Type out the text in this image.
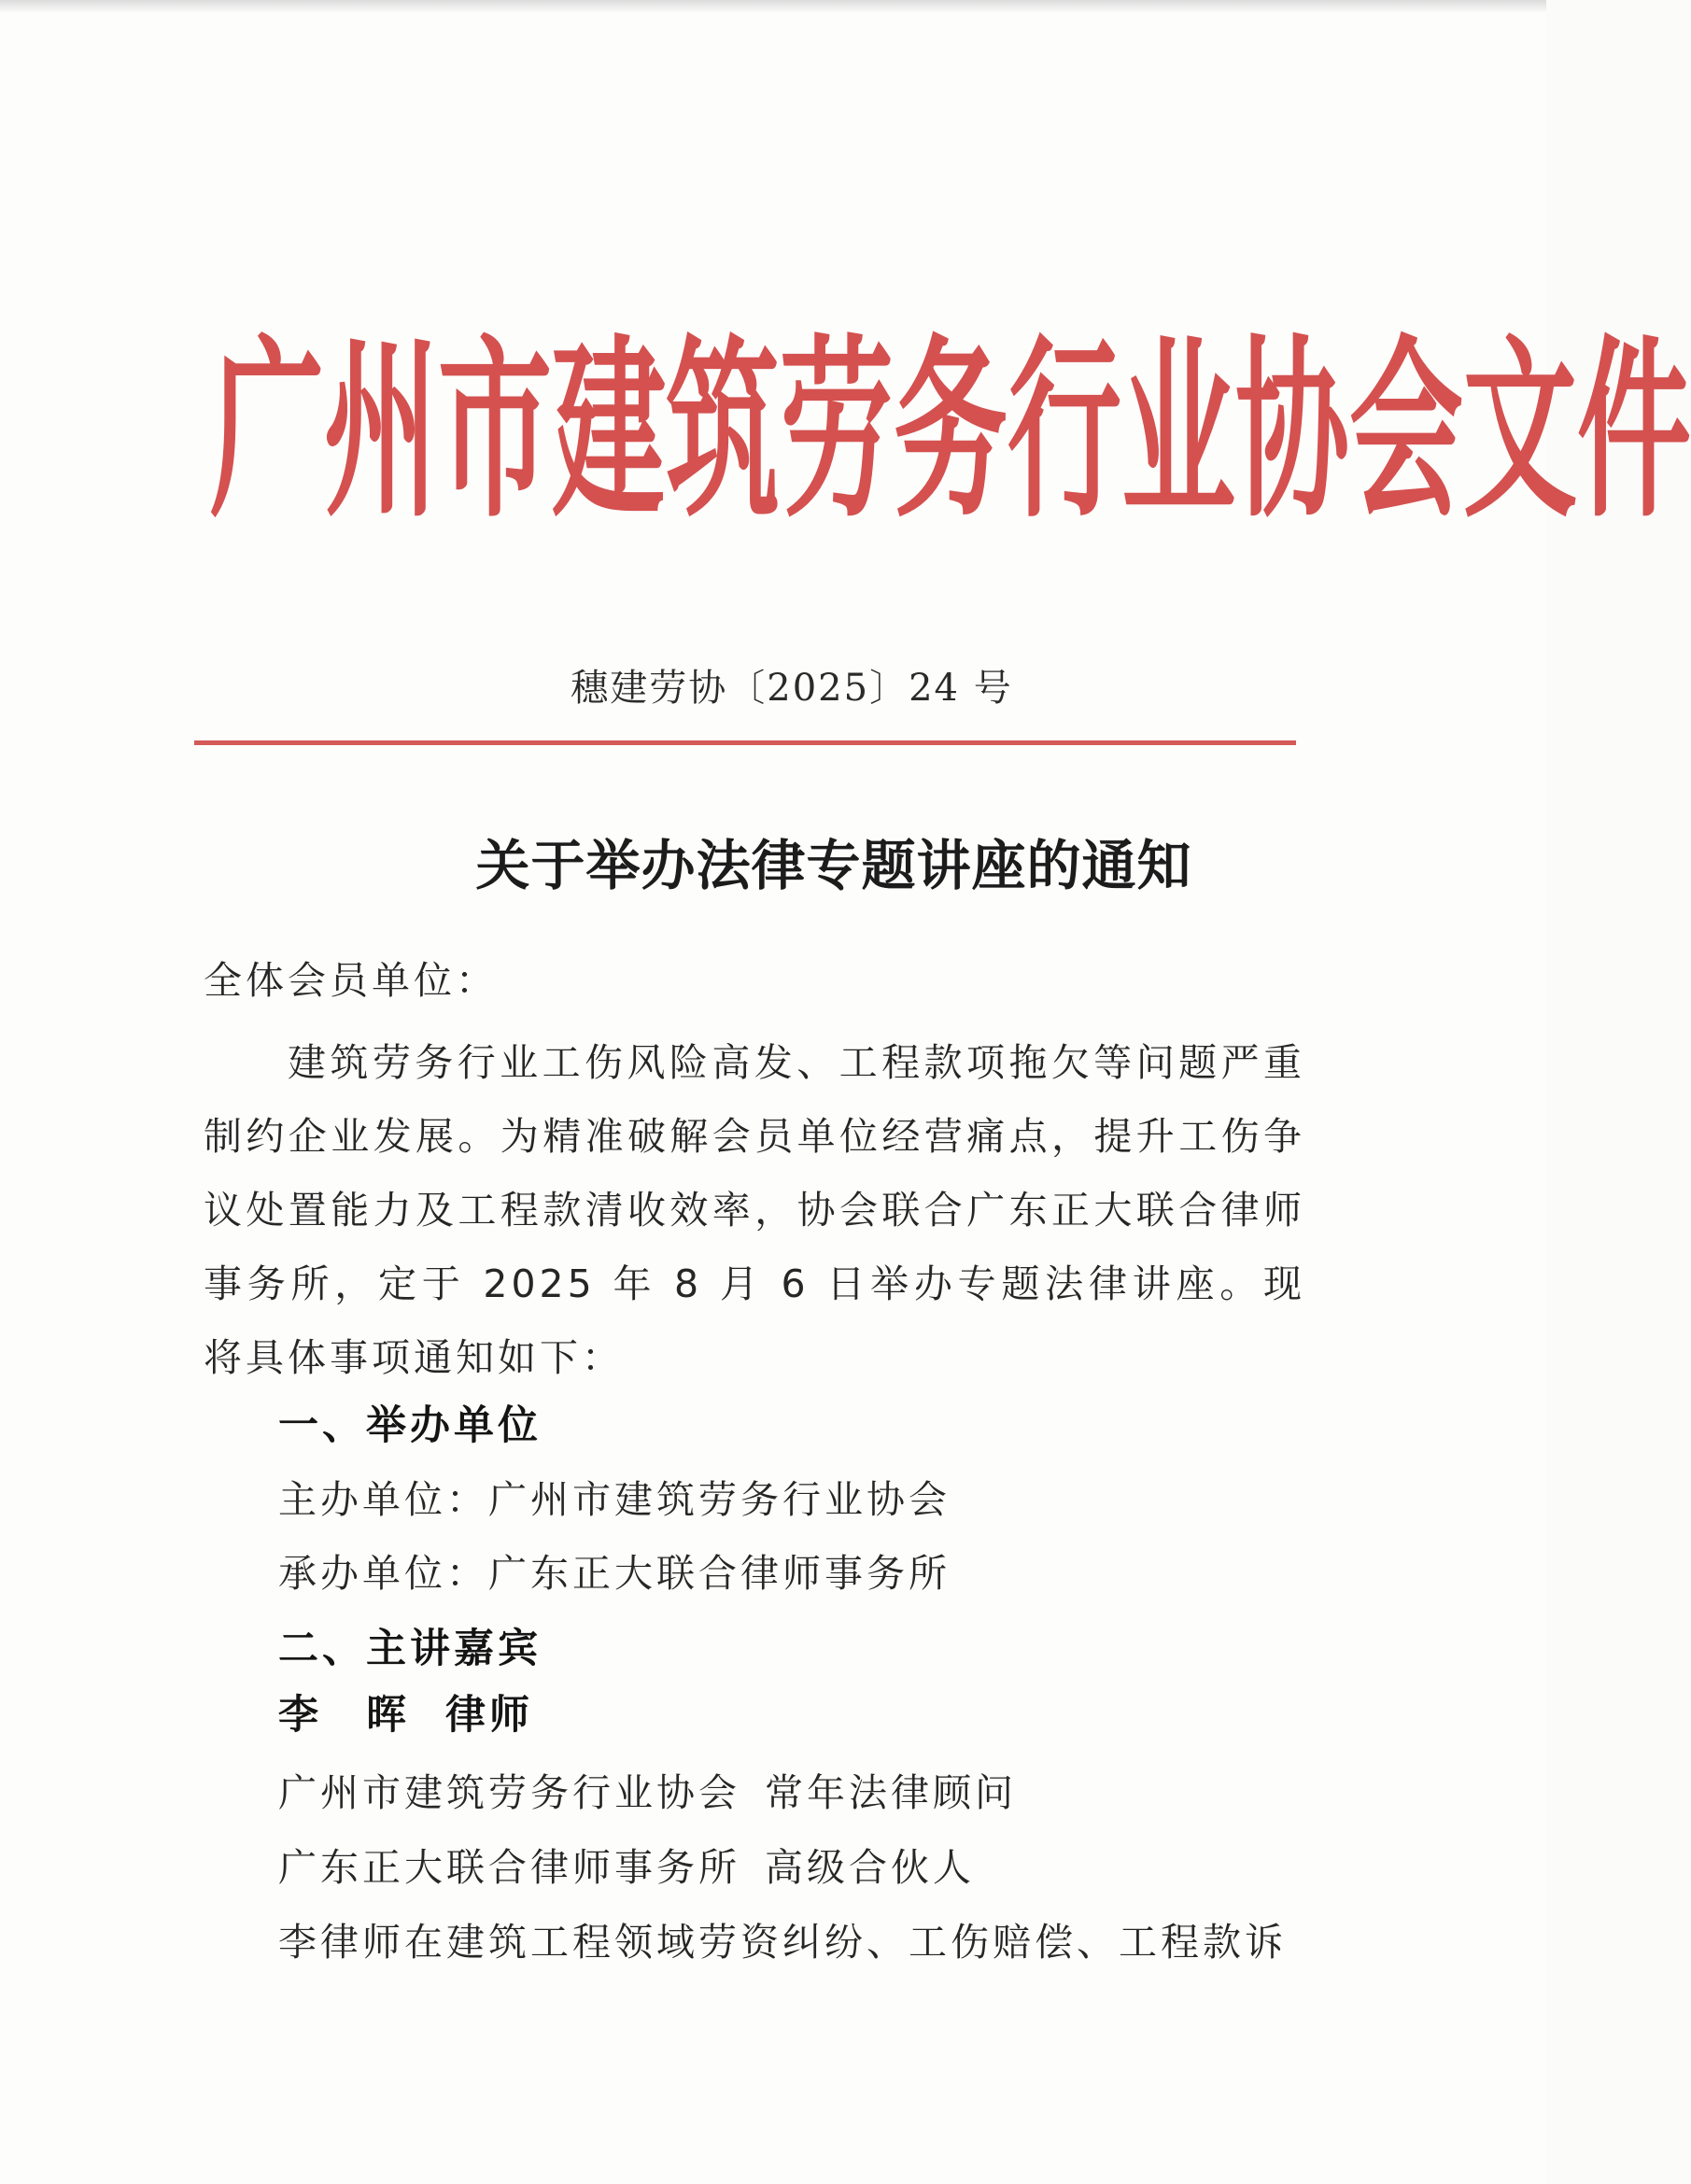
广 州 市 建 筑 劳 务 行 业 协 会 文 件
穗建劳协〔2025〕24 号
关于举办法律专题讲座的通知

全体会员单位：

建筑劳务行业工伤风险高发、工程款项拖欠等问题严重制约企业发展。为精准破解会员单位经营痛点，提升工伤争议处置能力及工程款清收效率，协会联合广东正大联合律师事务所，定于 2025 年 8 月 6 日举办专题法律讲座。现将具体事项通知如下：

一、举办单位

主办单位：广州市建筑劳务行业协会

承办单位：广东正大联合律师事务所

二、主讲嘉宾

李　晖  律师

广州市建筑劳务行业协会 常年法律顾问

广东正大联合律师事务所 高级合伙人

李律师在建筑工程领域劳资纠纷、工伤赔偿、工程款诉
